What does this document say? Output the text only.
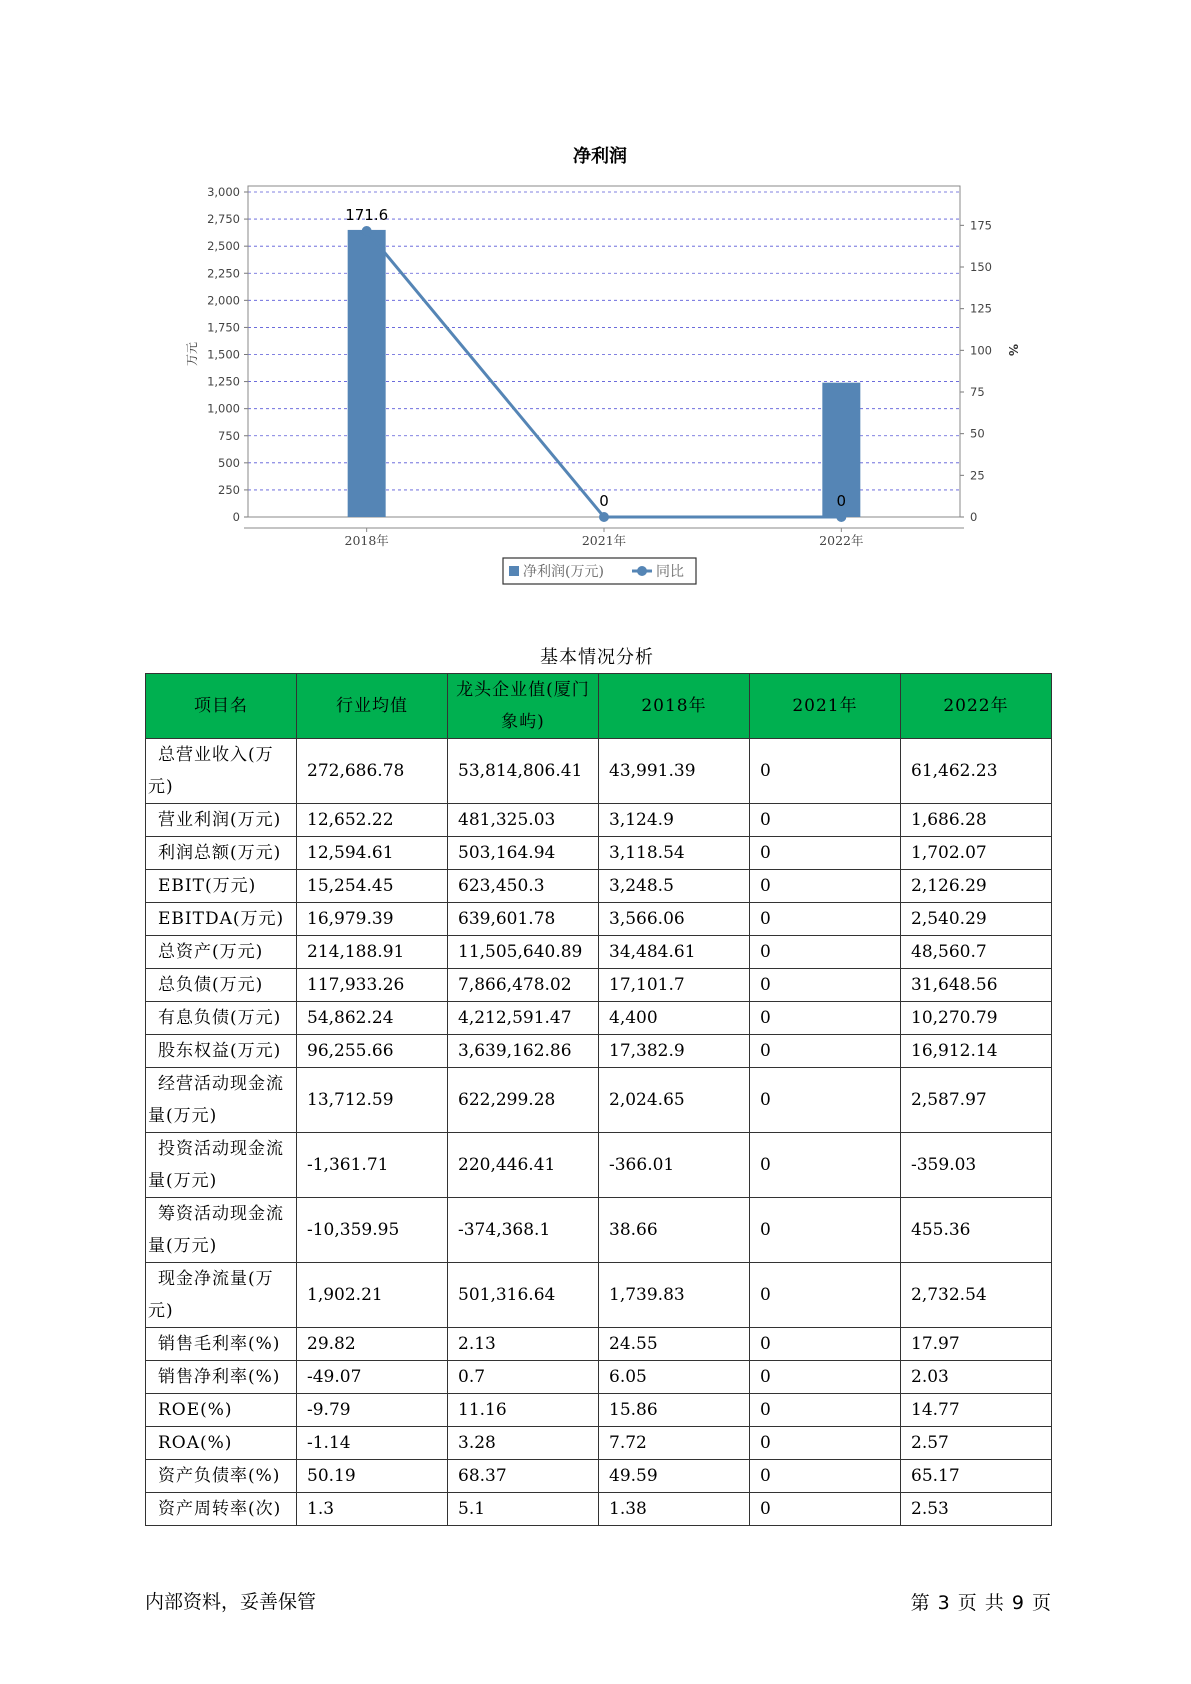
净利润
0
250
500
750
1,000
1,250
1,500
1,750
2,000
2,250
2,500
2,750
3,000
0
25
50
75
100
125
150
175
万元	%
2018年	2021年	2022年
171.6
0	0
净利润(万元)	同比
基本情况分析
项目名	行业均值	龙头企业值(厦门象屿)	2018年	2021年	2022年

总营业收入(万元)	272,686.78	53,814,806.41	43,991.39	0	61,462.23

营业利润(万元)	12,652.22	481,325.03	3,124.9	0	1,686.28

利润总额(万元)	12,594.61	503,164.94	3,118.54	0	1,702.07

EBIT(万元)	15,254.45	623,450.3	3,248.5	0	2,126.29

EBITDA(万元)	16,979.39	639,601.78	3,566.06	0	2,540.29

总资产(万元)	214,188.91	11,505,640.89	34,484.61	0	48,560.7

总负债(万元)	117,933.26	7,866,478.02	17,101.7	0	31,648.56

有息负债(万元)	54,862.24	4,212,591.47	4,400	0	10,270.79

股东权益(万元)	96,255.66	3,639,162.86	17,382.9	0	16,912.14

经营活动现金流量(万元)	13,712.59	622,299.28	2,024.65	0	2,587.97

投资活动现金流量(万元)	-1,361.71	220,446.41	-366.01	0	-359.03

筹资活动现金流量(万元)	-10,359.95	-374,368.1	38.66	0	455.36

现金净流量(万元)	1,902.21	501,316.64	1,739.83	0	2,732.54

销售毛利率(%)	29.82	2.13	24.55	0	17.97

销售净利率(%)	-49.07	0.7	6.05	0	2.03

ROE(%)	-9.79	11.16	15.86	0	14.77

ROA(%)	-1.14	3.28	7.72	0	2.57

资产负债率(%)	50.19	68.37	49.59	0	65.17

资产周转率(次)	1.3	5.1	1.38	0	2.53
内部资料，妥善保管	第 3 页 共 9 页
